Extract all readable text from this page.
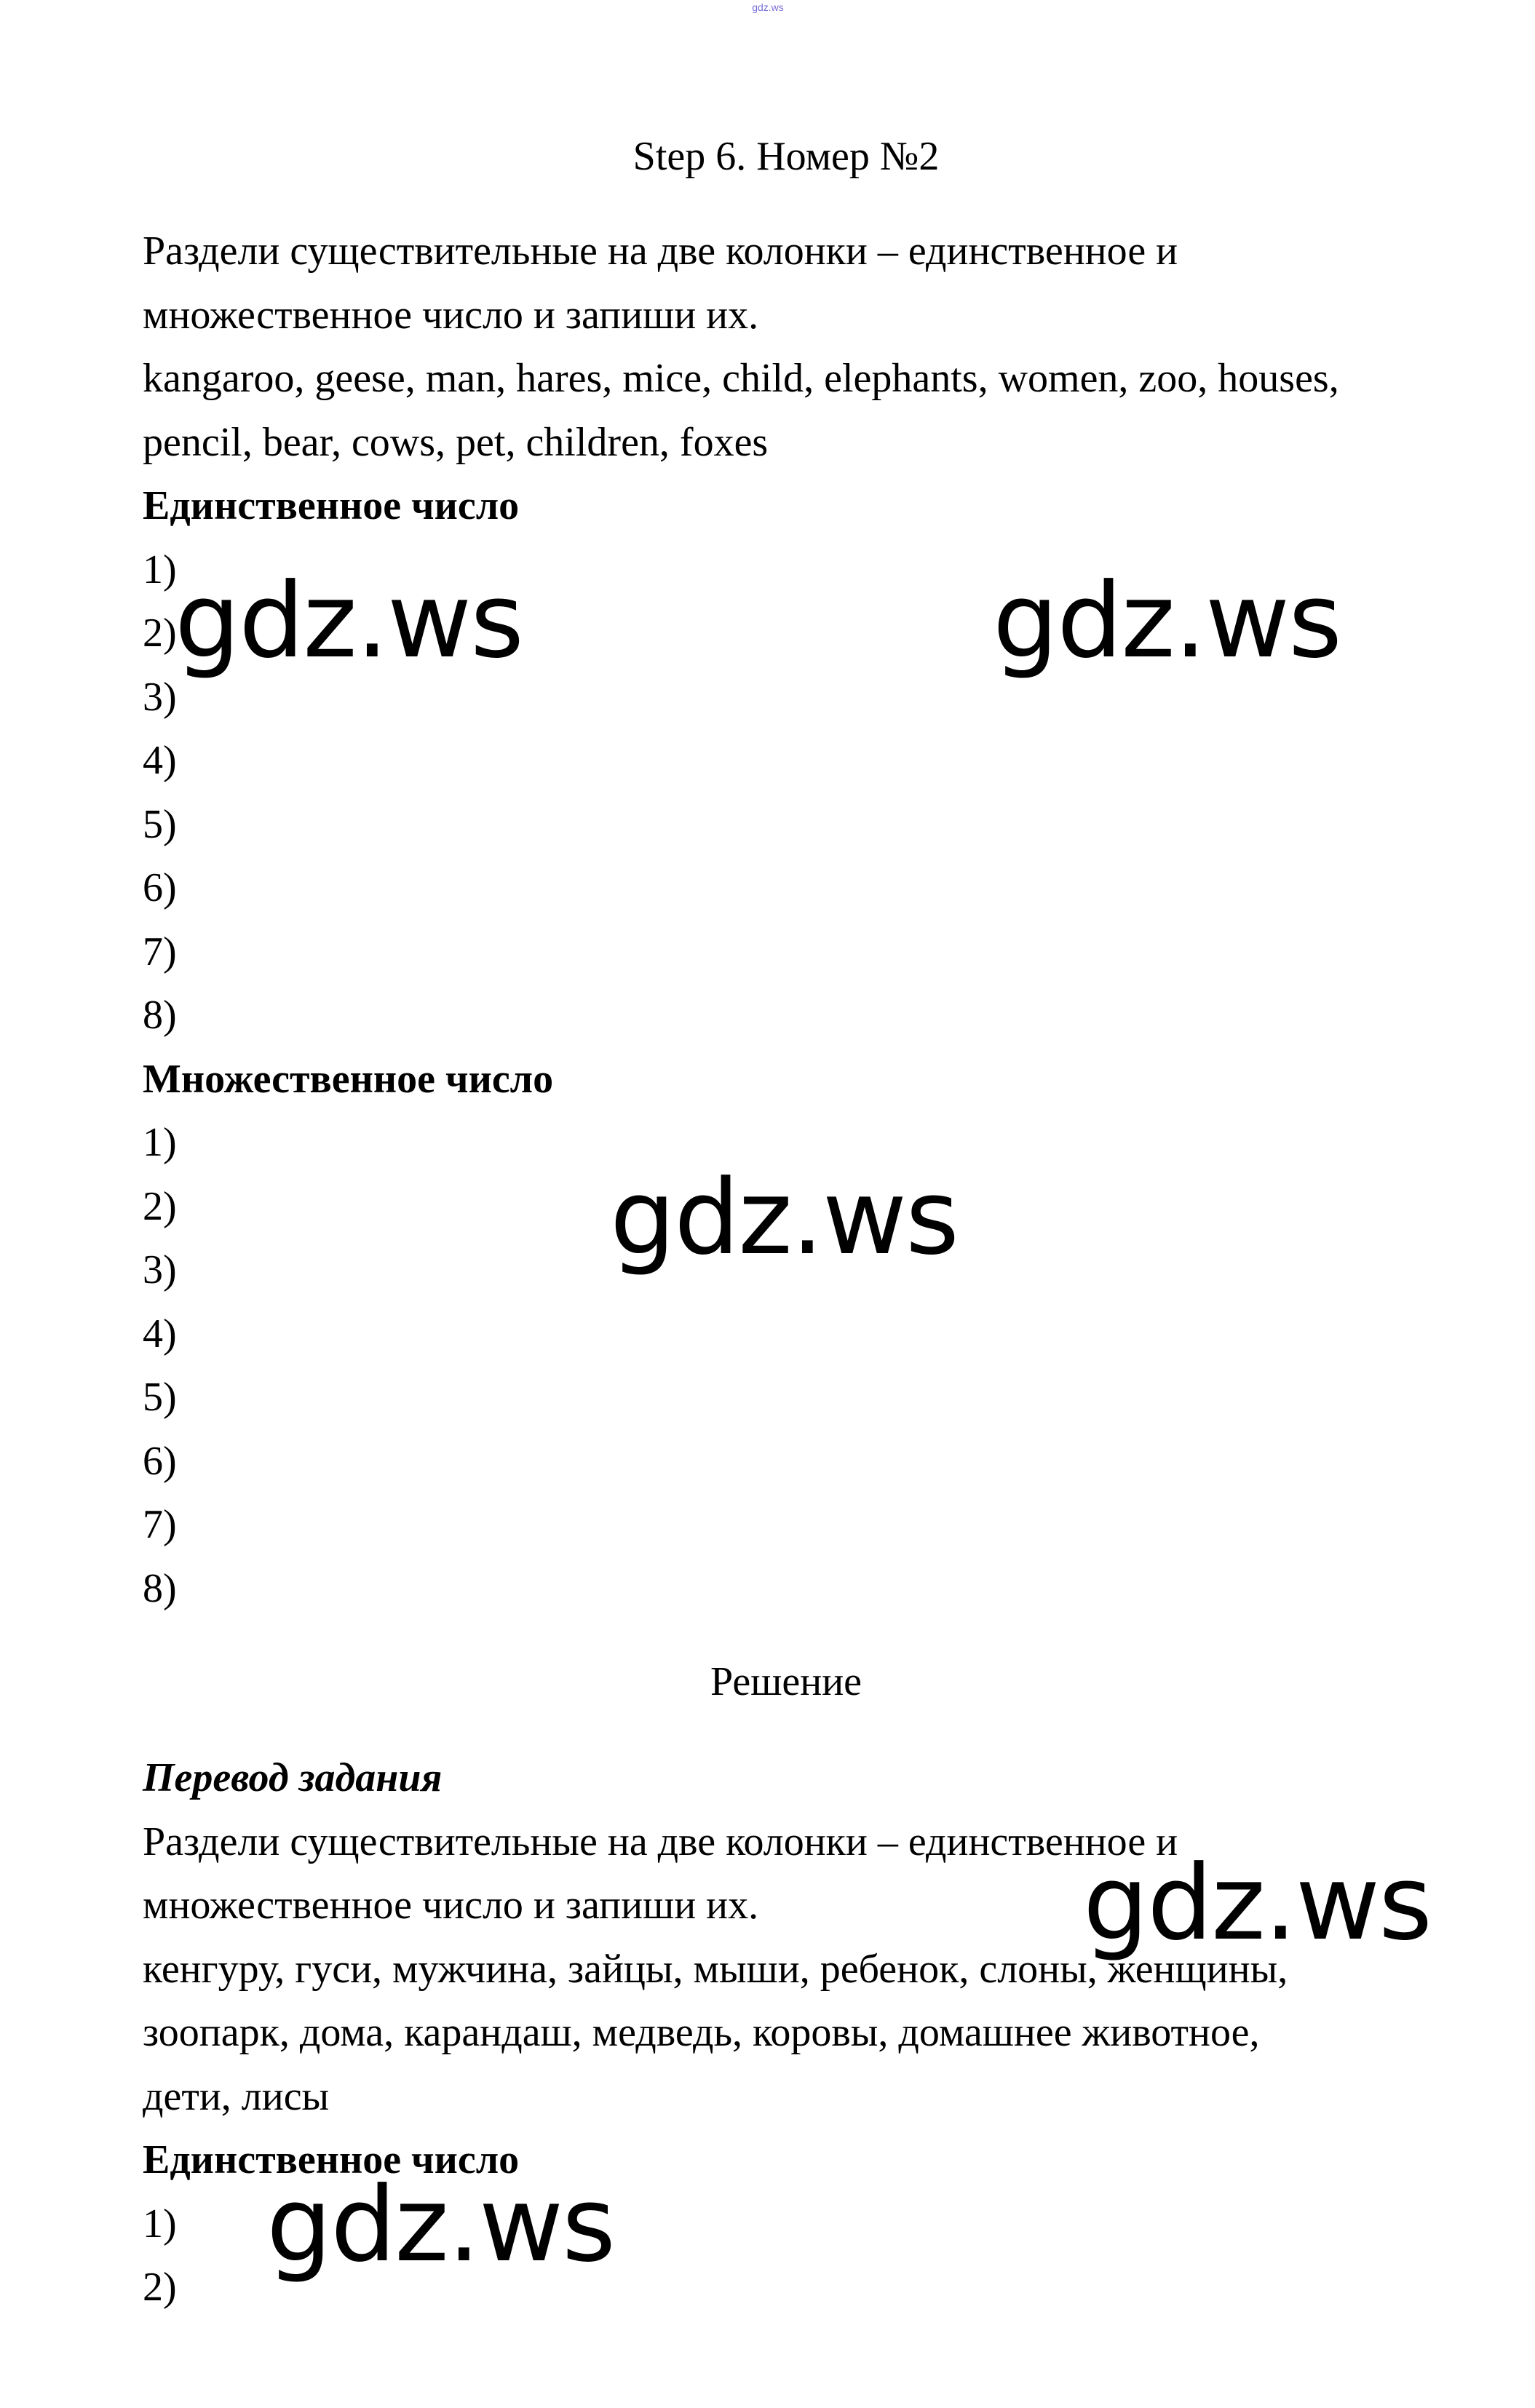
gdz.ws
Step 6. Номер №2
Раздели существительные на две колонки – единственное и
множественное число и запиши их.
kangaroo, geese, man, hares, mice, child, elephants, women, zoo, houses,
pencil, bear, cows, pet, children, foxes
Единственное число
1)
2)
3)
4)
5)
6)
7)
8)
Множественное число
1)
2)
3)
4)
5)
6)
7)
8)
Решение
Перевод задания
Раздели существительные на две колонки – единственное и
множественное число и запиши их.
кенгуру, гуси, мужчина, зайцы, мыши, ребенок, слоны, женщины,
зоопарк, дома, карандаш, медведь, коровы, домашнее животное,
дети, лисы
Единственное число
1)
2)
gdz.ws	gdz.ws
gdz.ws
gdz.ws
gdz.ws
